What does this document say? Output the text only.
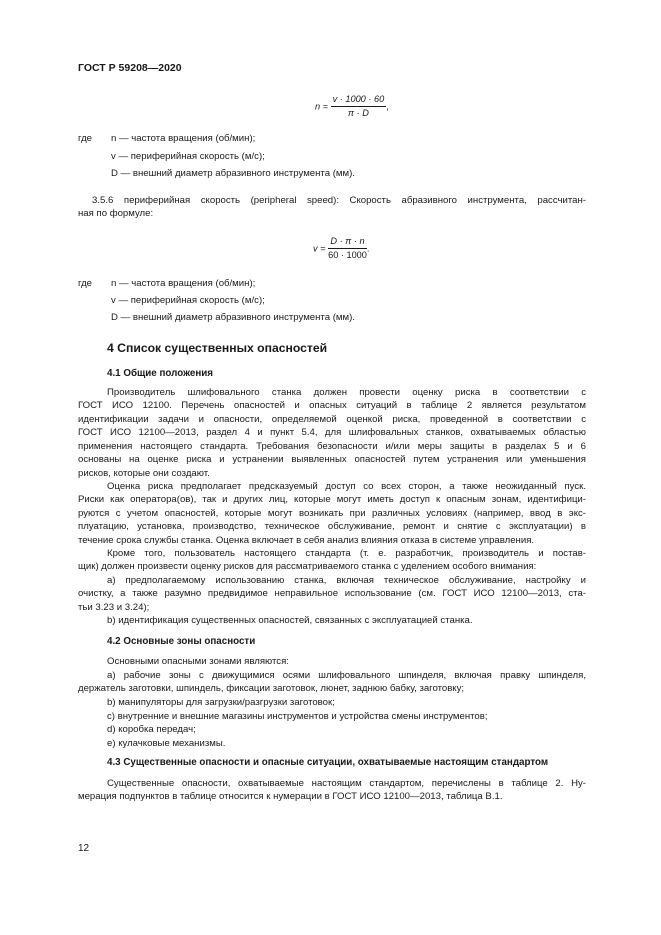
ГОСТ Р 59208—2020
$n = \frac{v \cdot 1000 \cdot 60}{\pi \cdot D}$ ,
где n — частота вращения (об/мин);
v — периферийная скорость (м/с);
D — внешний диаметр абразивного инструмента (мм).
3.5.6 периферийная скорость (peripheral speed): Скорость абразивного инструмента, рассчитан-
ная по формуле:
$v = \frac{D \cdot \pi \cdot n}{60 \cdot 1000}$ .
где n — частота вращения (об/мин);
v — периферийная скорость (м/с);
D — внешний диаметр абразивного инструмента (мм).
4 Список существенных опасностей
4.1 Общие положения
Производитель шлифовального станка должен провести оценку риска в соответствии с
ГОСТ ИСО 12100. Перечень опасностей и опасных ситуаций в таблице 2 является результатом
идентификации задачи и опасности, определяемой оценкой риска, проведенной в соответствии с
ГОСТ ИСО 12100—2013, раздел 4 и пункт 5.4, для шлифовальных станков, охватываемых областью
применения настоящего стандарта. Требования безопасности и/или меры защиты в разделах 5 и 6
основаны на оценке риска и устранении выявленных опасностей путем устранения или уменьшения
рисков, которые они создают.
Оценка риска предполагает предсказуемый доступ со всех сторон, а также неожиданный пуск.
Риски как оператора(ов), так и других лиц, которые могут иметь доступ к опасным зонам, идентифици-
руются с учетом опасностей, которые могут возникать при различных условиях (например, ввод в экс-
плуатацию, установка, производство, техническое обслуживание, ремонт и снятие с эксплуатации) в
течение срока службы станка. Оценка включает в себя анализ влияния отказа в системе управления.
Кроме того, пользователь настоящего стандарта (т. е. разработчик, производитель и постав-
щик) должен произвести оценку рисков для рассматриваемого станка с уделением особого внимания:
а) предполагаемому использованию станка, включая техническое обслуживание, настройку и
очистку, а также разумно предвидимое неправильное использование (см. ГОСТ ИСО 12100—2013, ста-
тьи 3.23 и 3.24);
b) идентификация существенных опасностей, связанных с эксплуатацией станка.
4.2 Основные зоны опасности
Основными опасными зонами являются:
а) рабочие зоны с движущимися осями шлифовального шпинделя, включая правку шпинделя,
держатель заготовки, шпиндель, фиксации заготовок, люнет, заднюю бабку, заготовку;
b) манипуляторы для загрузки/разгрузки заготовок;
c) внутренние и внешние магазины инструментов и устройства смены инструментов;
d) коробка передач;
е) кулачковые механизмы.
4.3 Существенные опасности и опасные ситуации, охватываемые настоящим стандартом
Существенные опасности, охватываемые настоящим стандартом, перечислены в таблице 2. Ну-
мерация подпунктов в таблице относится к нумерации в ГОСТ ИСО 12100—2013, таблица В.1.
12
